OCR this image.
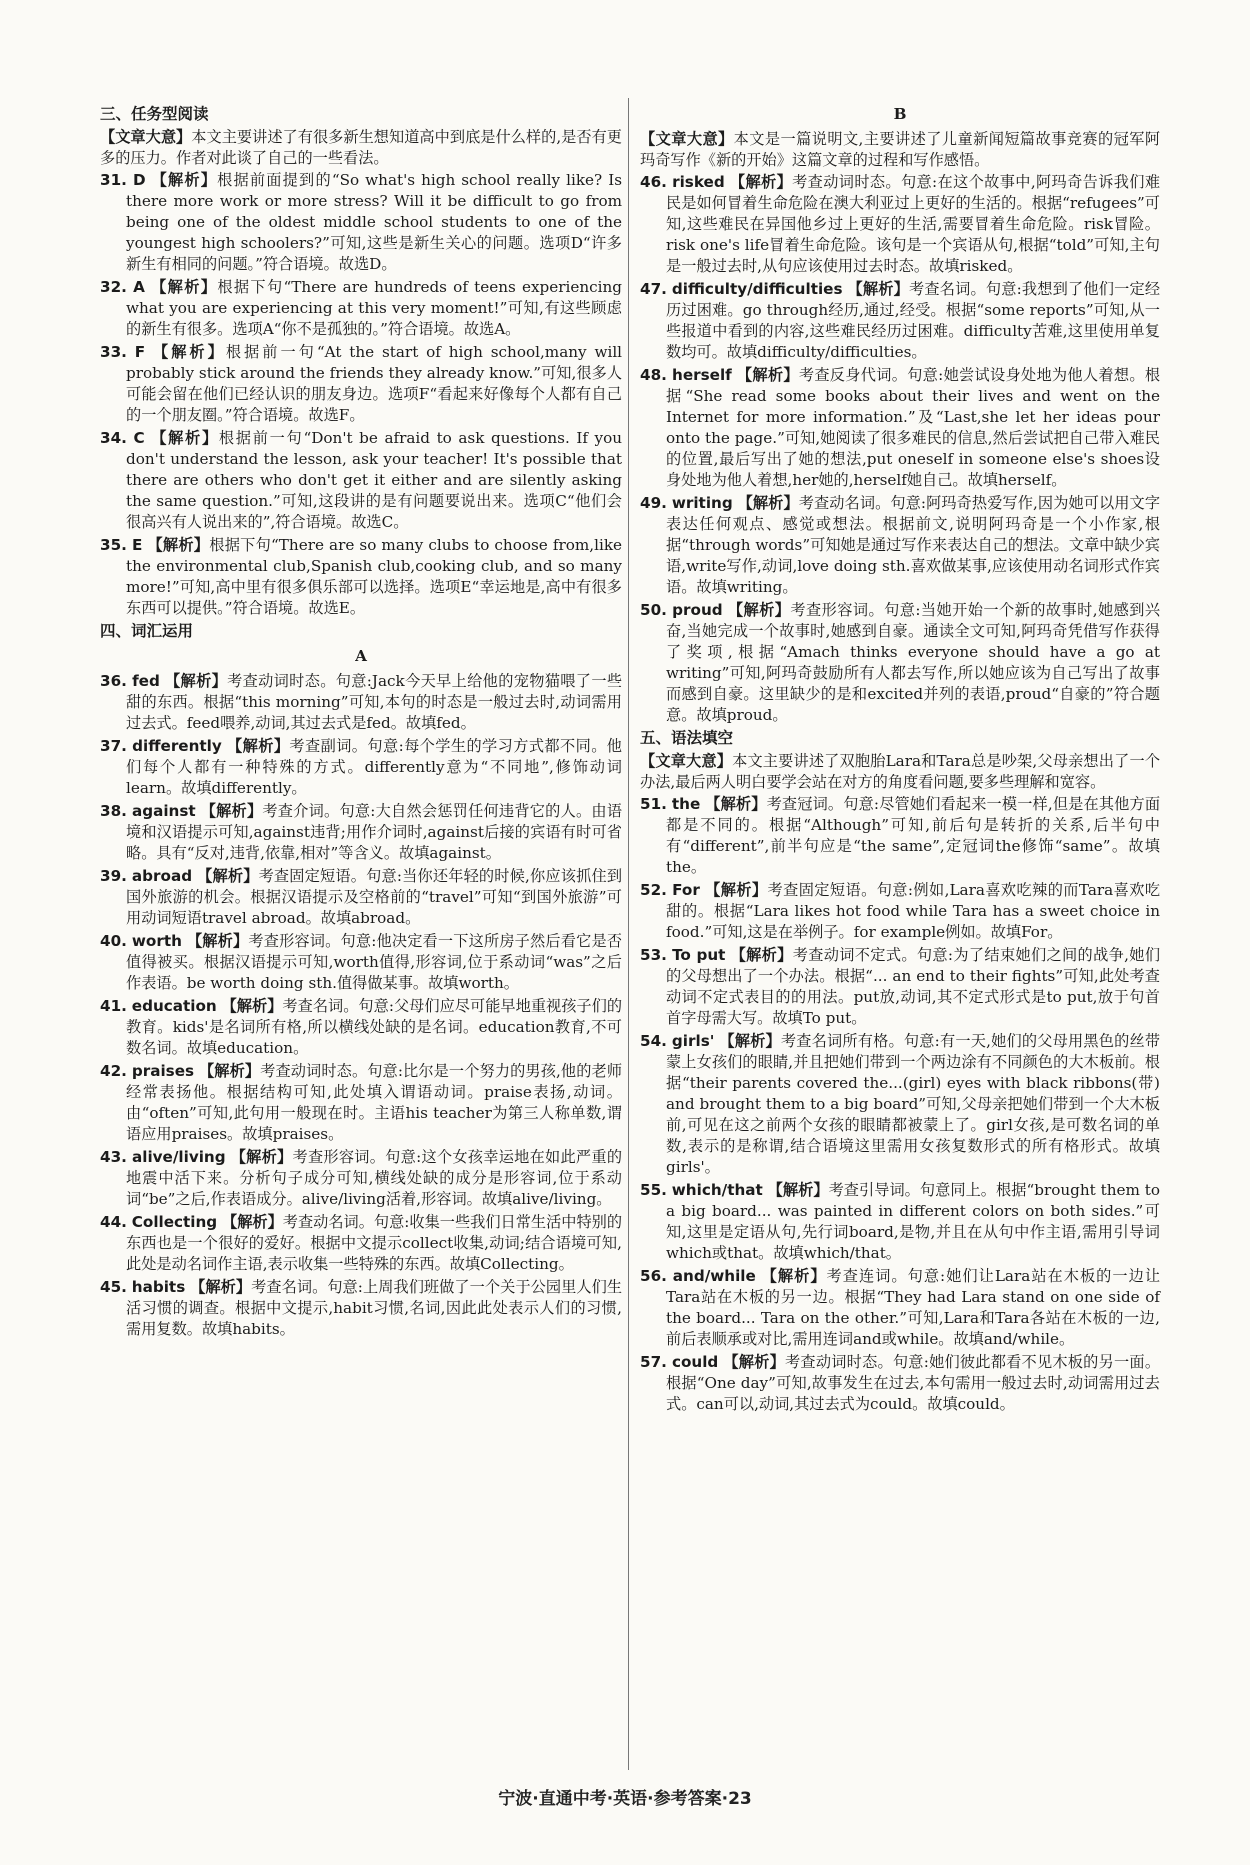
三、任务型阅读
【文章大意】本文主要讲述了有很多新生想知道高中到底是什么样的,是否有更多的压力。作者对此谈了自己的一些看法。
31. D 【解析】根据前面提到的“So what's high school really like? Is there more work or more stress? Will it be difficult to go from being one of the oldest middle school students to one of the youngest high schoolers?”可知,这些是新生关心的问题。选项D“许多新生有相同的问题。”符合语境。故选D。
32. A 【解析】根据下句“There are hundreds of teens experiencing what you are experiencing at this very moment!”可知,有这些顾虑的新生有很多。选项A“你不是孤独的。”符合语境。故选A。
33. F 【解析】根据前一句“At the start of high school,many will probably stick around the friends they already know.”可知,很多人可能会留在他们已经认识的朋友身边。选项F“看起来好像每个人都有自己的一个朋友圈。”符合语境。故选F。
34. C 【解析】根据前一句“Don't be afraid to ask questions. If you don't understand the lesson, ask your teacher! It's possible that there are others who don't get it either and are silently asking the same question.”可知,这段讲的是有问题要说出来。选项C“他们会很高兴有人说出来的”,符合语境。故选C。
35. E 【解析】根据下句“There are so many clubs to choose from,like the environmental club,Spanish club,cooking club, and so many more!”可知,高中里有很多俱乐部可以选择。选项E“幸运地是,高中有很多东西可以提供。”符合语境。故选E。
四、词汇运用
A
36. fed 【解析】考查动词时态。句意:Jack今天早上给他的宠物猫喂了一些甜的东西。根据“this morning”可知,本句的时态是一般过去时,动词需用过去式。feed喂养,动词,其过去式是fed。故填fed。
37. differently 【解析】考查副词。句意:每个学生的学习方式都不同。他们每个人都有一种特殊的方式。differently意为“不同地”,修饰动词learn。故填differently。
38. against 【解析】考查介词。句意:大自然会惩罚任何违背它的人。由语境和汉语提示可知,against违背;用作介词时,against后接的宾语有时可省略。具有“反对,违背,依靠,相对”等含义。故填against。
39. abroad 【解析】考查固定短语。句意:当你还年轻的时候,你应该抓住到国外旅游的机会。根据汉语提示及空格前的“travel”可知“到国外旅游”可用动词短语travel abroad。故填abroad。
40. worth 【解析】考查形容词。句意:他决定看一下这所房子然后看它是否值得被买。根据汉语提示可知,worth值得,形容词,位于系动词“was”之后作表语。be worth doing sth.值得做某事。故填worth。
41. education 【解析】考查名词。句意:父母们应尽可能早地重视孩子们的教育。kids'是名词所有格,所以横线处缺的是名词。education教育,不可数名词。故填education。
42. praises 【解析】考查动词时态。句意:比尔是一个努力的男孩,他的老师经常表扬他。根据结构可知,此处填入谓语动词。praise表扬,动词。由“often”可知,此句用一般现在时。主语his teacher为第三人称单数,谓语应用praises。故填praises。
43. alive/living 【解析】考查形容词。句意:这个女孩幸运地在如此严重的地震中活下来。分析句子成分可知,横线处缺的成分是形容词,位于系动词“be”之后,作表语成分。alive/living活着,形容词。故填alive/living。
44. Collecting 【解析】考查动名词。句意:收集一些我们日常生活中特别的东西也是一个很好的爱好。根据中文提示collect收集,动词;结合语境可知,此处是动名词作主语,表示收集一些特殊的东西。故填Collecting。
45. habits 【解析】考查名词。句意:上周我们班做了一个关于公园里人们生活习惯的调查。根据中文提示,habit习惯,名词,因此此处表示人们的习惯,需用复数。故填habits。
B
【文章大意】本文是一篇说明文,主要讲述了儿童新闻短篇故事竞赛的冠军阿玛奇写作《新的开始》这篇文章的过程和写作感悟。
46. risked 【解析】考查动词时态。句意:在这个故事中,阿玛奇告诉我们难民是如何冒着生命危险在澳大利亚过上更好的生活的。根据“refugees”可知,这些难民在异国他乡过上更好的生活,需要冒着生命危险。risk冒险。risk one's life冒着生命危险。该句是一个宾语从句,根据“told”可知,主句是一般过去时,从句应该使用过去时态。故填risked。
47. difficulty/difficulties 【解析】考查名词。句意:我想到了他们一定经历过困难。go through经历,通过,经受。根据“some reports”可知,从一些报道中看到的内容,这些难民经历过困难。difficulty苦难,这里使用单复数均可。故填difficulty/difficulties。
48. herself 【解析】考查反身代词。句意:她尝试设身处地为他人着想。根据“She read some books about their lives and went on the Internet for more information.”及“Last,she let her ideas pour onto the page.”可知,她阅读了很多难民的信息,然后尝试把自己带入难民的位置,最后写出了她的想法,put oneself in someone else's shoes设身处地为他人着想,her她的,herself她自己。故填herself。
49. writing 【解析】考查动名词。句意:阿玛奇热爱写作,因为她可以用文字表达任何观点、感觉或想法。根据前文,说明阿玛奇是一个小作家,根据“through words”可知她是通过写作来表达自己的想法。文章中缺少宾语,write写作,动词,love doing sth.喜欢做某事,应该使用动名词形式作宾语。故填writing。
50. proud 【解析】考查形容词。句意:当她开始一个新的故事时,她感到兴奋,当她完成一个故事时,她感到自豪。通读全文可知,阿玛奇凭借写作获得了奖项,根据“Amach thinks everyone should have a go at writing”可知,阿玛奇鼓励所有人都去写作,所以她应该为自己写出了故事而感到自豪。这里缺少的是和excited并列的表语,proud“自豪的”符合题意。故填proud。
五、语法填空
【文章大意】本文主要讲述了双胞胎Lara和Tara总是吵架,父母亲想出了一个办法,最后两人明白要学会站在对方的角度看问题,要多些理解和宽容。
51. the 【解析】考查冠词。句意:尽管她们看起来一模一样,但是在其他方面都是不同的。根据“Although”可知,前后句是转折的关系,后半句中有“different”,前半句应是“the same”,定冠词the修饰“same”。故填the。
52. For 【解析】考查固定短语。句意:例如,Lara喜欢吃辣的而Tara喜欢吃甜的。根据“Lara likes hot food while Tara has a sweet choice in food.”可知,这是在举例子。for example例如。故填For。
53. To put 【解析】考查动词不定式。句意:为了结束她们之间的战争,她们的父母想出了一个办法。根据“... an end to their fights”可知,此处考查动词不定式表目的的用法。put放,动词,其不定式形式是to put,放于句首首字母需大写。故填To put。
54. girls' 【解析】考查名词所有格。句意:有一天,她们的父母用黑色的丝带蒙上女孩们的眼睛,并且把她们带到一个两边涂有不同颜色的大木板前。根据“their parents covered the...(girl) eyes with black ribbons(带) and brought them to a big board”可知,父母亲把她们带到一个大木板前,可见在这之前两个女孩的眼睛都被蒙上了。girl女孩,是可数名词的单数,表示的是称谓,结合语境这里需用女孩复数形式的所有格形式。故填girls'。
55. which/that 【解析】考查引导词。句意同上。根据“brought them to a big board... was painted in different colors on both sides.”可知,这里是定语从句,先行词board,是物,并且在从句中作主语,需用引导词which或that。故填which/that。
56. and/while 【解析】考查连词。句意:她们让Lara站在木板的一边让Tara站在木板的另一边。根据“They had Lara stand on one side of the board... Tara on the other.”可知,Lara和Tara各站在木板的一边,前后表顺承或对比,需用连词and或while。故填and/while。
57. could 【解析】考查动词时态。句意:她们彼此都看不见木板的另一面。根据“One day”可知,故事发生在过去,本句需用一般过去时,动词需用过去式。can可以,动词,其过去式为could。故填could。
宁波·直通中考·英语·参考答案·23
